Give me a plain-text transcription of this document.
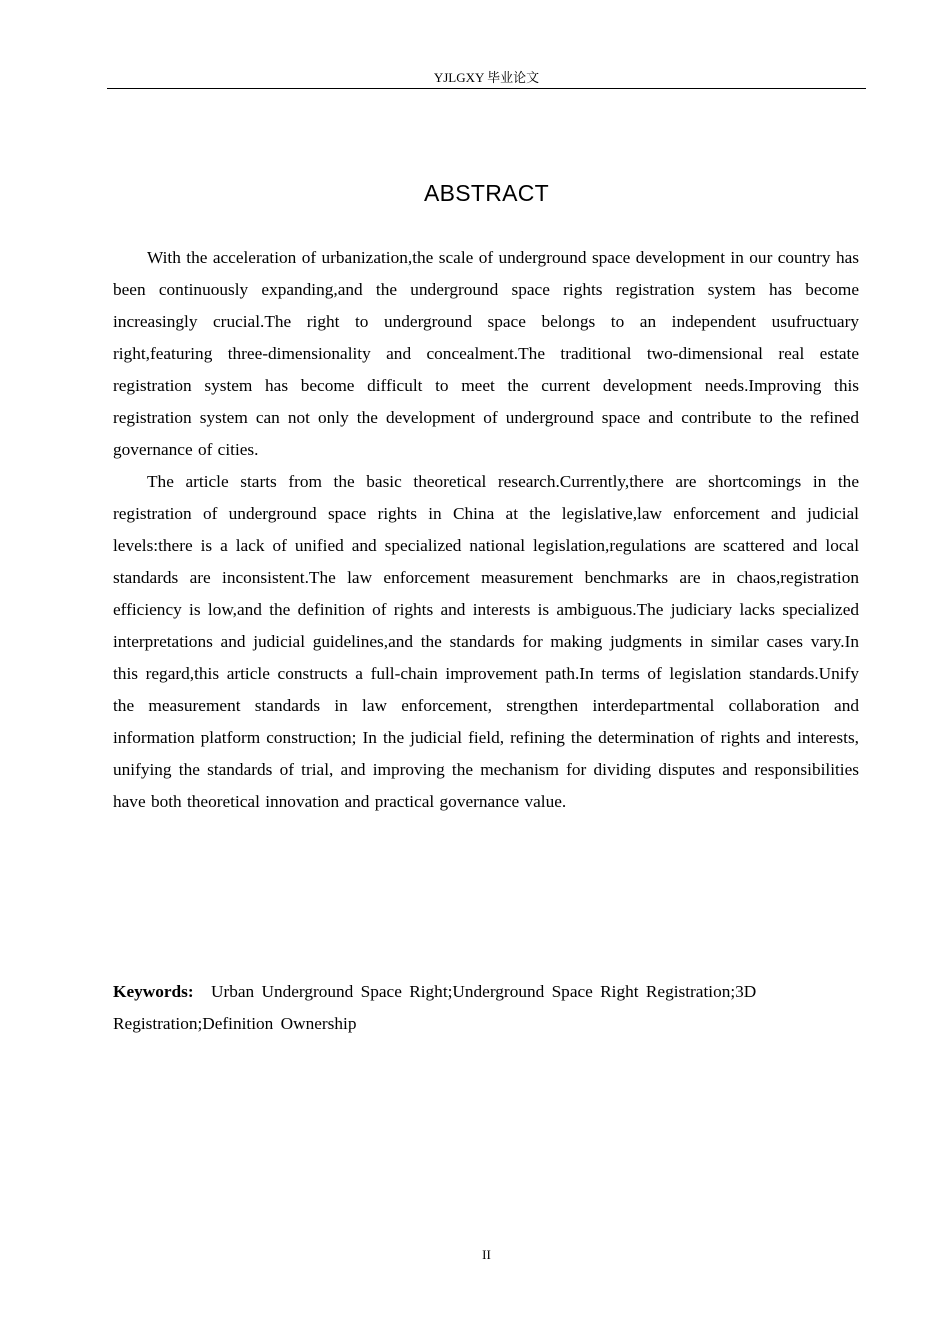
YJLGXY 毕业论文
ABSTRACT

With the acceleration of urbanization,the scale of underground space development in our country has been continuously expanding,and the underground space rights registration system has become increasingly crucial.The right to underground space belongs to an independent usufructuary right,featuring three-dimensionality and concealment.The traditional two-dimensional real estate registration system has become difficult to meet the current development needs.Improving this registration system can not only the development of underground space and contribute to the refined governance of cities.

The article starts from the basic theoretical research.Currently,there are shortcomings in the registration of underground space rights in China at the legislative,law enforcement and judicial levels:there is a lack of unified and specialized national legislation,regulations are scattered and local standards are inconsistent.The law enforcement measurement benchmarks are in chaos,registration efficiency is low,and the definition of rights and interests is ambiguous.The judiciary lacks specialized interpretations and judicial guidelines,and the standards for making judgments in similar cases vary.In this regard,this article constructs a full-chain improvement path.In terms of legislation standards.Unify the measurement standards in law enforcement, strengthen interdepartmental collaboration and information platform construction; In the judicial field, refining the determination of rights and interests, unifying the standards of trial, and improving the mechanism for dividing disputes and responsibilities have both theoretical innovation and practical governance value.

Keywords: Urban Underground Space Right;Underground Space Right Registration;3D Registration;Definition Ownership
II
